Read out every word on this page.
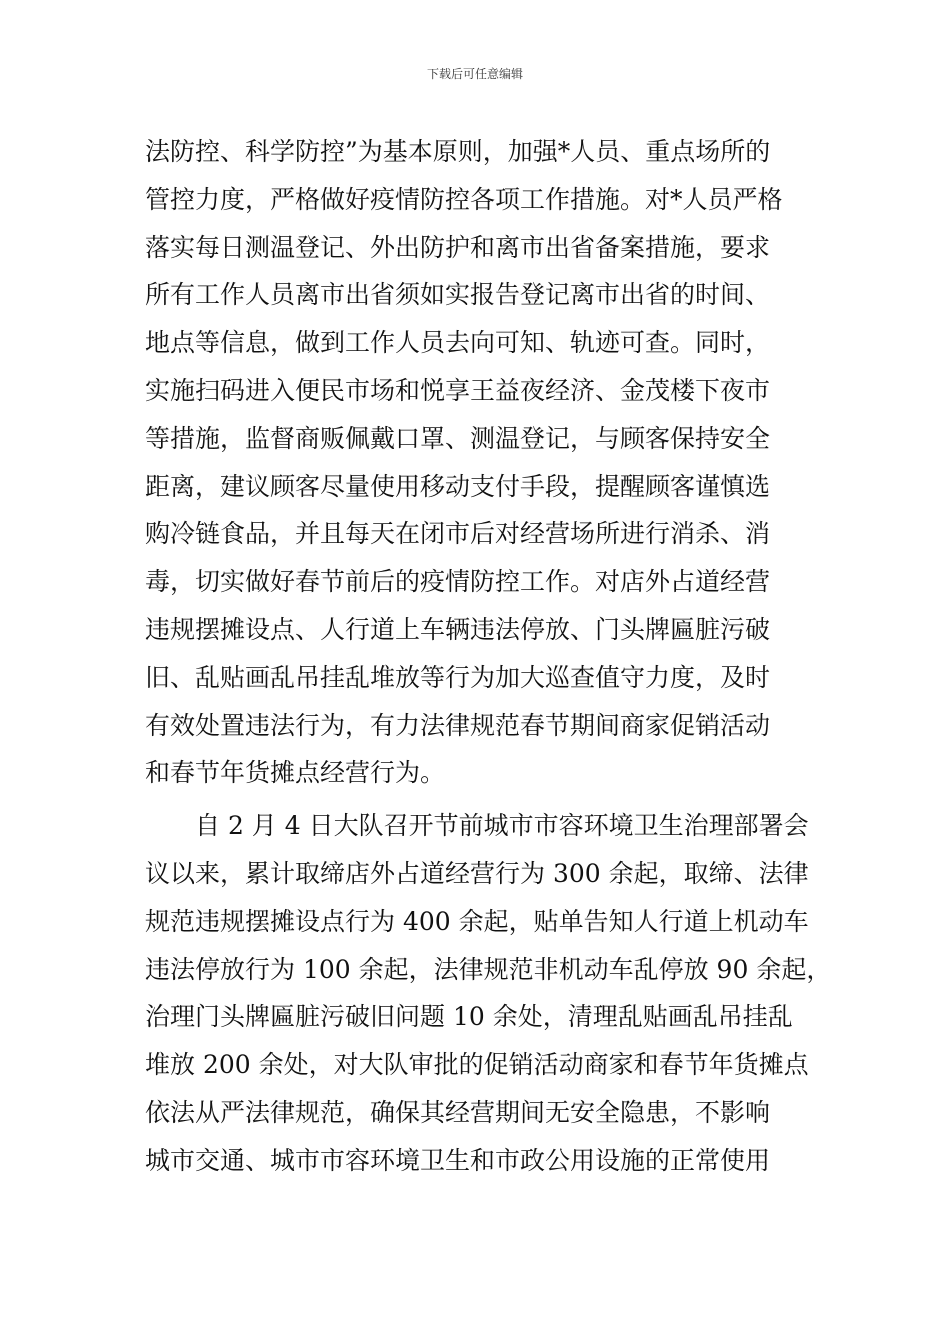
下载后可任意编辑
法防控、科学防控”为基本原则，加强*人员、重点场所的
管控力度，严格做好疫情防控各项工作措施。对*人员严格
落实每日测温登记、外出防护和离市出省备案措施，要求
所有工作人员离市出省须如实报告登记离市出省的时间、
地点等信息，做到工作人员去向可知、轨迹可查。同时，
实施扫码进入便民市场和悦享王益夜经济、金茂楼下夜市
等措施，监督商贩佩戴口罩、测温登记，与顾客保持安全
距离，建议顾客尽量使用移动支付手段，提醒顾客谨慎选
购冷链食品，并且每天在闭市后对经营场所进行消杀、消
毒，切实做好春节前后的疫情防控工作。对店外占道经营
违规摆摊设点、人行道上车辆违法停放、门头牌匾脏污破
旧、乱贴画乱吊挂乱堆放等行为加大巡查值守力度，及时
有效处置违法行为，有力法律规范春节期间商家促销活动
和春节年货摊点经营行为。
自 2 月 4 日大队召开节前城市市容环境卫生治理部署会
议以来，累计取缔店外占道经营行为 300 余起，取缔、法律
规范违规摆摊设点行为 400 余起，贴单告知人行道上机动车
违法停放行为 100 余起，法律规范非机动车乱停放 90 余起，
治理门头牌匾脏污破旧问题 10 余处，清理乱贴画乱吊挂乱
堆放 200 余处，对大队审批的促销活动商家和春节年货摊点
依法从严法律规范，确保其经营期间无安全隐患，不影响
城市交通、城市市容环境卫生和市政公用设施的正常使用
